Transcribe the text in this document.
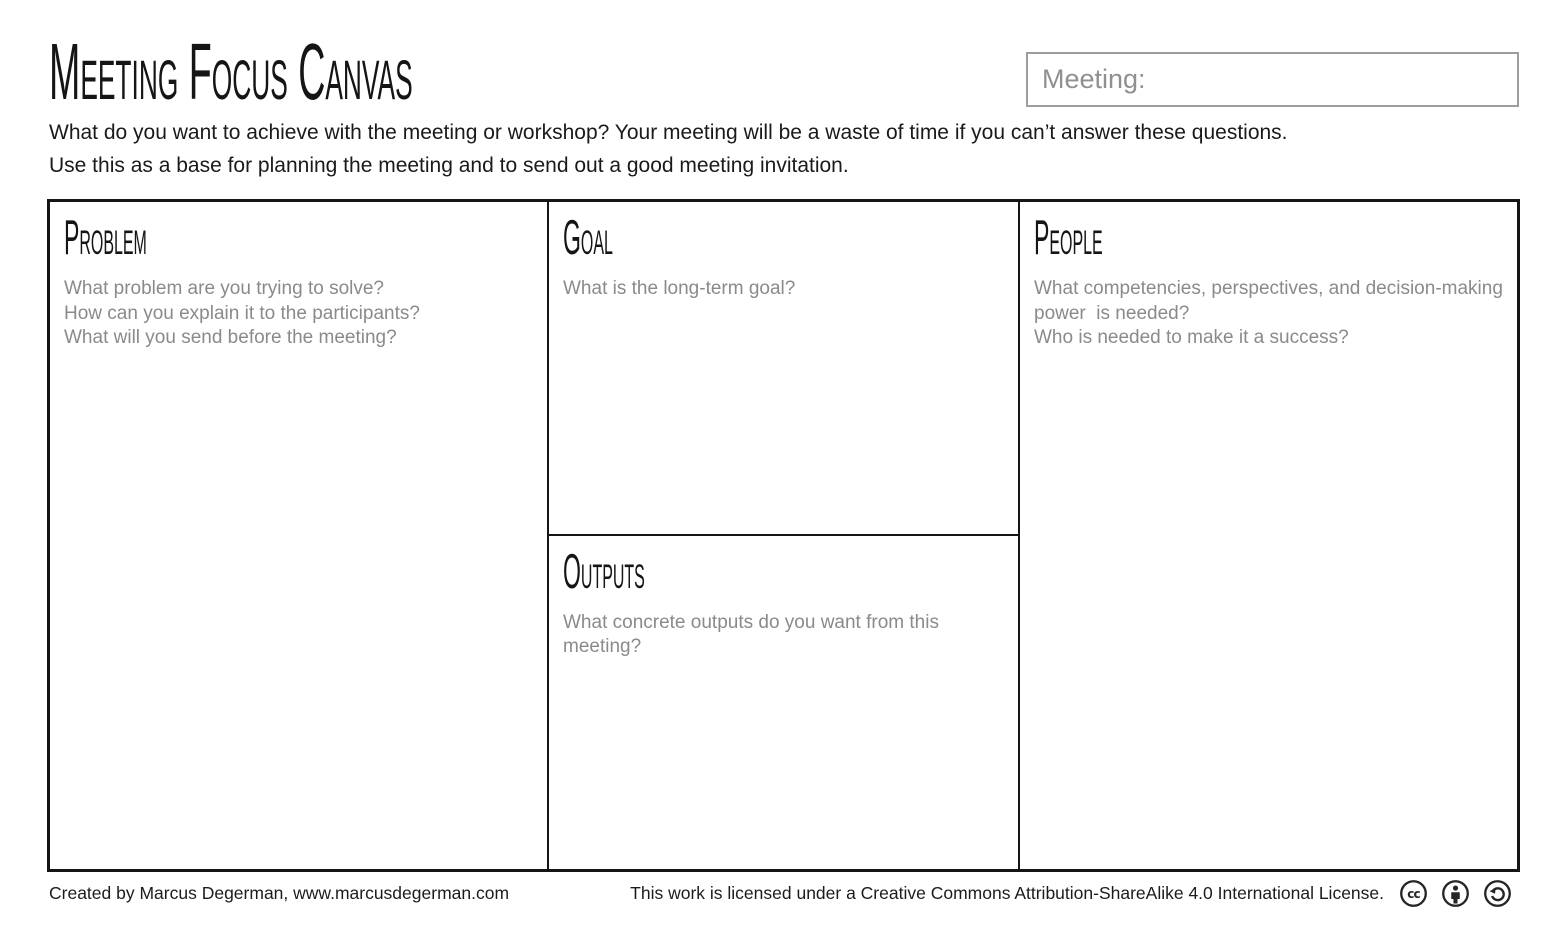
Meeting Focus Canvas
Meeting:

What do you want to achieve with the meeting or workshop? Your meeting will be a waste of time if you can’t answer these questions.

Use this as a base for planning the meeting and to send out a good meeting invitation.

Problem

What problem are you trying to solve?

How can you explain it to the participants?

What will you send before the meeting?

Goal

What is the long-term goal?

Outputs

What concrete outputs do you want from this meeting?

People

What competencies, perspectives, and decision-making power  is needed?

Who is needed to make it a success?

Created by Marcus Degerman, www.marcusdegerman.com	This work is licensed under a Creative Commons Attribution-ShareAlike 4.0 International License. cc
